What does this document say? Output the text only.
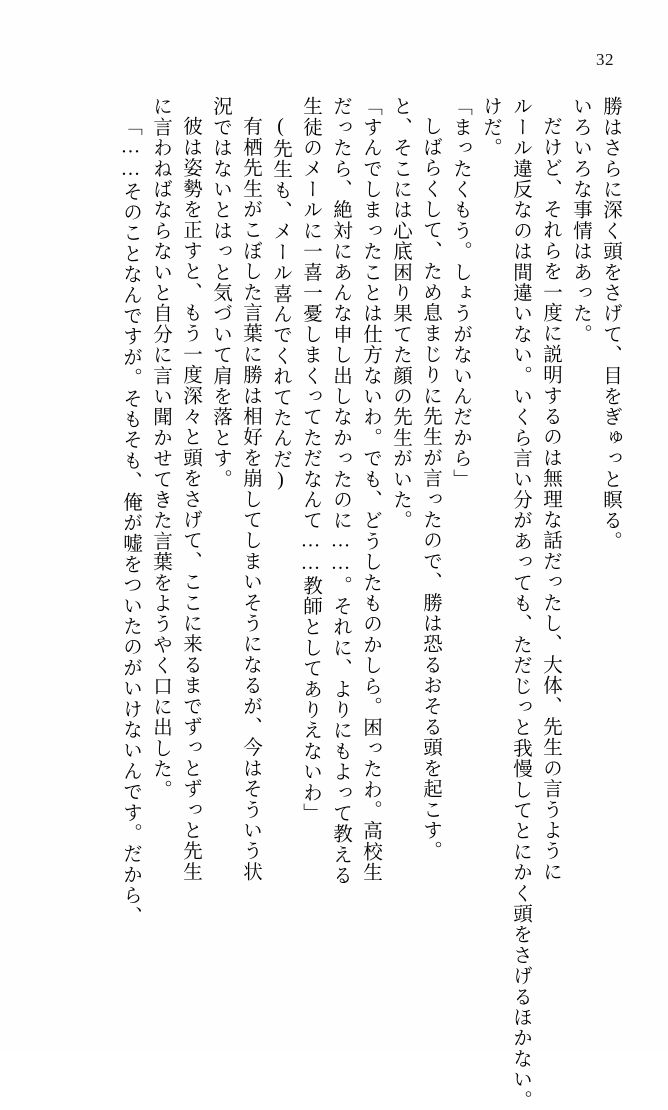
32
勝はさらに深く頭をさげて、目をぎゅっと瞑る。
いろいろな事情はあった。
だけど、それらを一度に説明するのは無理な話だったし、大体、先生の言うように
ルール違反なのは間違いない。いくら言い分があっても、ただじっと我慢してとにかく頭をさげるほかない。
けだ。
「まったくもう。しょうがないんだから」
しばらくして、ため息まじりに先生が言ったので、勝は恐るおそる頭を起こす。
と、そこには心底困り果てた顔の先生がいた。
「すんでしまったことは仕方ないわ。でも、どうしたものかしら。困ったわ。高校生
だったら、絶対にあんな申し出しなかったのに……。それに、よりにもよって教える
生徒のメールに一喜一憂しまくってただなんて……教師としてありえないわ」
(先生も、メール喜んでくれてたんだ)
有栖先生がこぼした言葉に勝は相好を崩してしまいそうになるが、今はそういう状
況ではないとはっと気づいて肩を落とす。
彼は姿勢を正すと、もう一度深々と頭をさげて、ここに来るまでずっとずっと先生
に言わねばならないと自分に言い聞かせてきた言葉をようやく口に出した。
「……そのことなんですが。そもそも、俺が嘘をついたのがいけないんです。だから、
